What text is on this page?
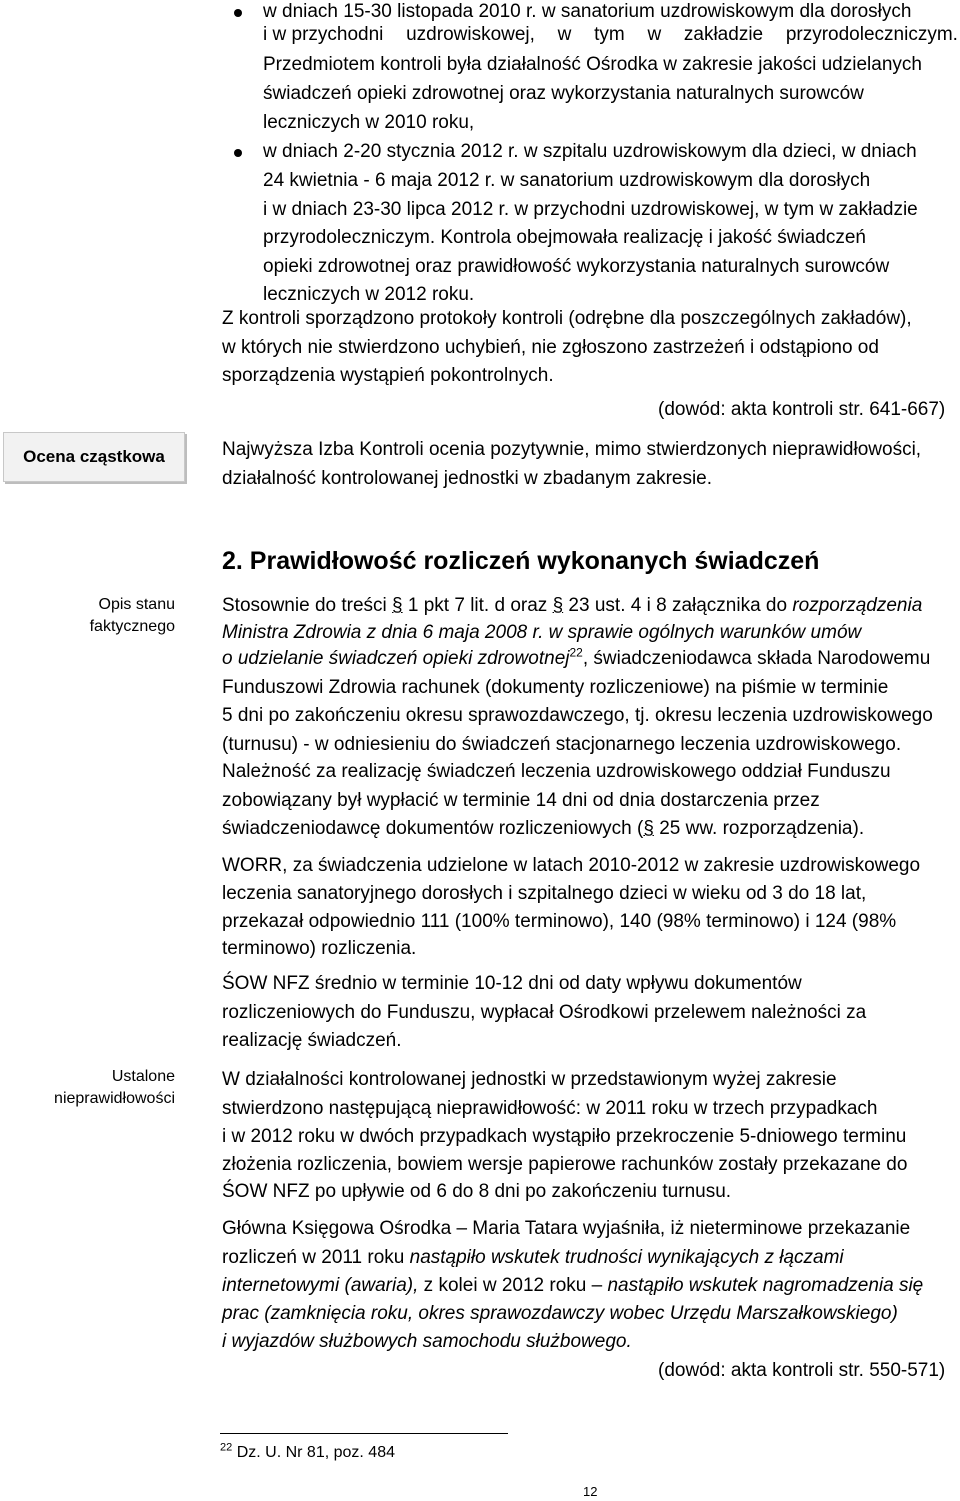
w dniach 15-30 listopada 2010 r. w sanatorium uzdrowiskowym dla dorosłych
i w przychodni uzdrowiskowej, w tym w zakładzie przyrodoleczniczym.
Przedmiotem kontroli była działalność Ośrodka w zakresie jakości udzielanych
świadczeń opieki zdrowotnej oraz wykorzystania naturalnych surowców
leczniczych w 2010 roku,
w dniach 2-20 stycznia 2012 r. w szpitalu uzdrowiskowym dla dzieci, w dniach
24 kwietnia - 6 maja 2012 r. w sanatorium uzdrowiskowym dla dorosłych
i w dniach 23-30 lipca 2012 r. w przychodni uzdrowiskowej, w tym w zakładzie
przyrodoleczniczym. Kontrola obejmowała realizację i jakość świadczeń
opieki zdrowotnej oraz prawidłowość wykorzystania naturalnych surowców
leczniczych w 2012 roku.
Z kontroli sporządzono protokoły kontroli (odrębne dla poszczególnych zakładów),
w których nie stwierdzono uchybień, nie zgłoszono zastrzeżeń i odstąpiono od
sporządzenia wystąpień pokontrolnych.
(dowód: akta kontroli str. 641-667)
Ocena cząstkowa	Najwyższa Izba Kontroli ocenia pozytywnie, mimo stwierdzonych nieprawidłowości,
działalność kontrolowanej jednostki w zbadanym zakresie.
2. Prawidłowość rozliczeń wykonanych świadczeń
Opis stanu
faktycznego
Stosownie do treści § 1 pkt 7 lit. d oraz § 23 ust. 4 i 8 załącznika do rozporządzenia
Ministra Zdrowia z dnia 6 maja 2008 r. w sprawie ogólnych warunków umów
o udzielanie świadczeń opieki zdrowotnej$^{22}$, świadczeniodawca składa Narodowemu
Funduszowi Zdrowia rachunek (dokumenty rozliczeniowe) na piśmie w terminie
5 dni po zakończeniu okresu sprawozdawczego, tj. okresu leczenia uzdrowiskowego
(turnusu) - w odniesieniu do świadczeń stacjonarnego leczenia uzdrowiskowego.
Należność za realizację świadczeń leczenia uzdrowiskowego oddział Funduszu
zobowiązany był wypłacić w terminie 14 dni od dnia dostarczenia przez
świadczeniodawcę dokumentów rozliczeniowych (§ 25 ww. rozporządzenia).
WORR, za świadczenia udzielone w latach 2010-2012 w zakresie uzdrowiskowego
leczenia sanatoryjnego dorosłych i szpitalnego dzieci w wieku od 3 do 18 lat,
przekazał odpowiednio 111 (100% terminowo), 140 (98% terminowo) i 124 (98%
terminowo) rozliczenia.
ŚOW NFZ średnio w terminie 10-12 dni od daty wpływu dokumentów
rozliczeniowych do Funduszu, wypłacał Ośrodkowi przelewem należności za
realizację świadczeń.
Ustalone
nieprawidłowości
W działalności kontrolowanej jednostki w przedstawionym wyżej zakresie
stwierdzono następującą nieprawidłowość: w 2011 roku w trzech przypadkach
i w 2012 roku w dwóch przypadkach wystąpiło przekroczenie 5-dniowego terminu
złożenia rozliczenia, bowiem wersje papierowe rachunków zostały przekazane do
ŚOW NFZ po upływie od 6 do 8 dni po zakończeniu turnusu.
Główna Księgowa Ośrodka – Maria Tatara wyjaśniła, iż nieterminowe przekazanie
rozliczeń w 2011 roku nastąpiło wskutek trudności wynikających z łączami
internetowymi (awaria), z kolei w 2012 roku – nastąpiło wskutek nagromadzenia się
prac (zamknięcia roku, okres sprawozdawczy wobec Urzędu Marszałkowskiego)
i wyjazdów służbowych samochodu służbowego.
(dowód: akta kontroli str. 550-571)
$^{22}$ Dz. U. Nr 81, poz. 484
12
